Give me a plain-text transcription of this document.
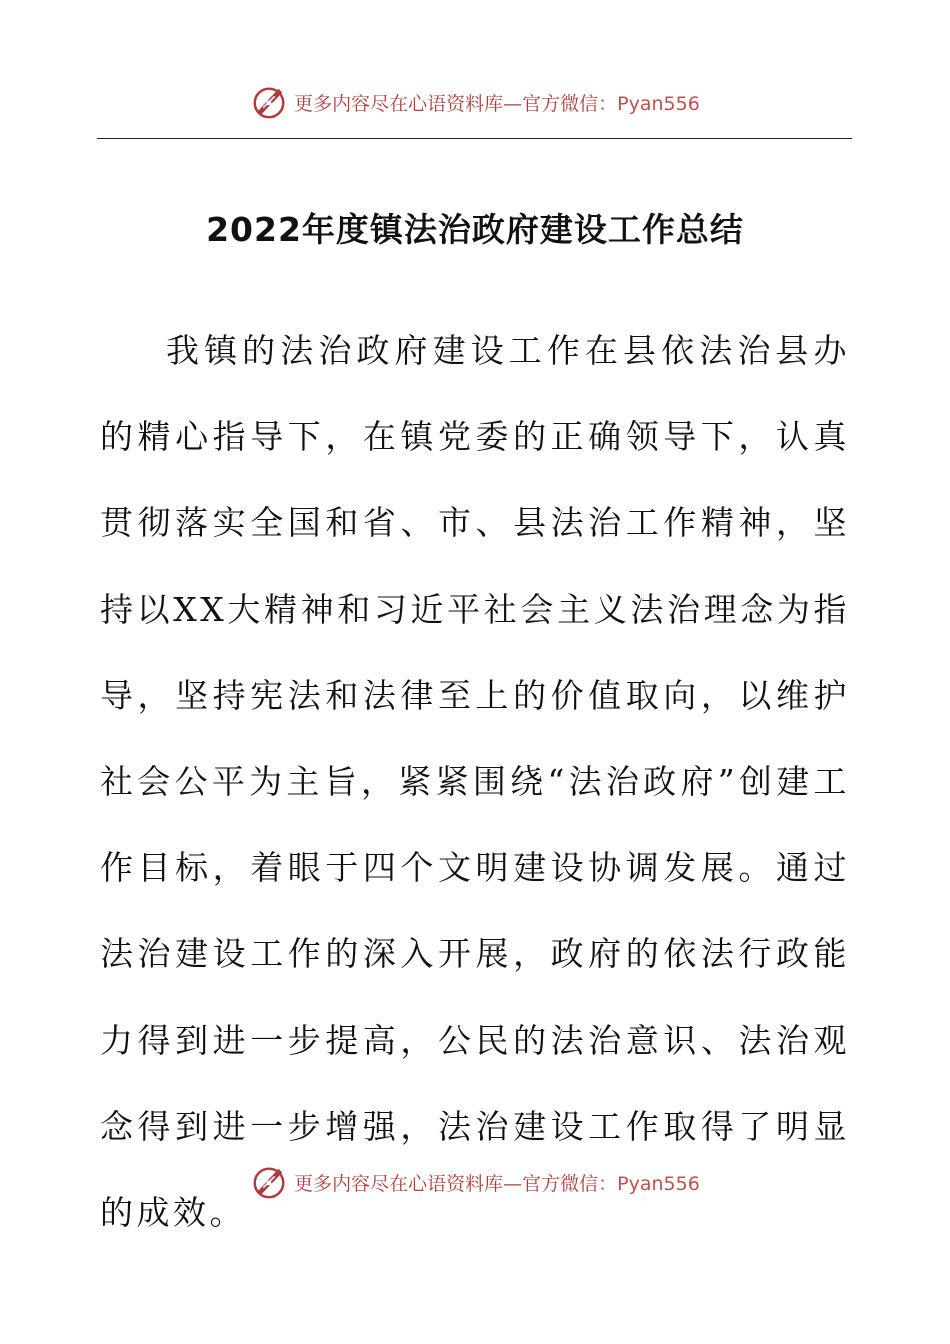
更多内容尽在心语资料库—官方微信：Pyan556
2022年度镇法治政府建设工作总结

我镇的法治政府建设工作在县依法治县办的精心指导下，在镇党委的正确领导下，认真贯彻落实全国和省、市、县法治工作精神，坚持以XX大精神和习近平社会主义法治理念为指导，坚持宪法和法律至上的价值取向，以维护社会公平为主旨，紧紧围绕“法治政府”创建工作目标，着眼于四个文明建设协调发展。通过法治建设工作的深入开展，政府的依法行政能力得到进一步提高，公民的法治意识、法治观念得到进一步增强，法治建设工作取得了明显的成效。

更多内容尽在心语资料库—官方微信：Pyan556
